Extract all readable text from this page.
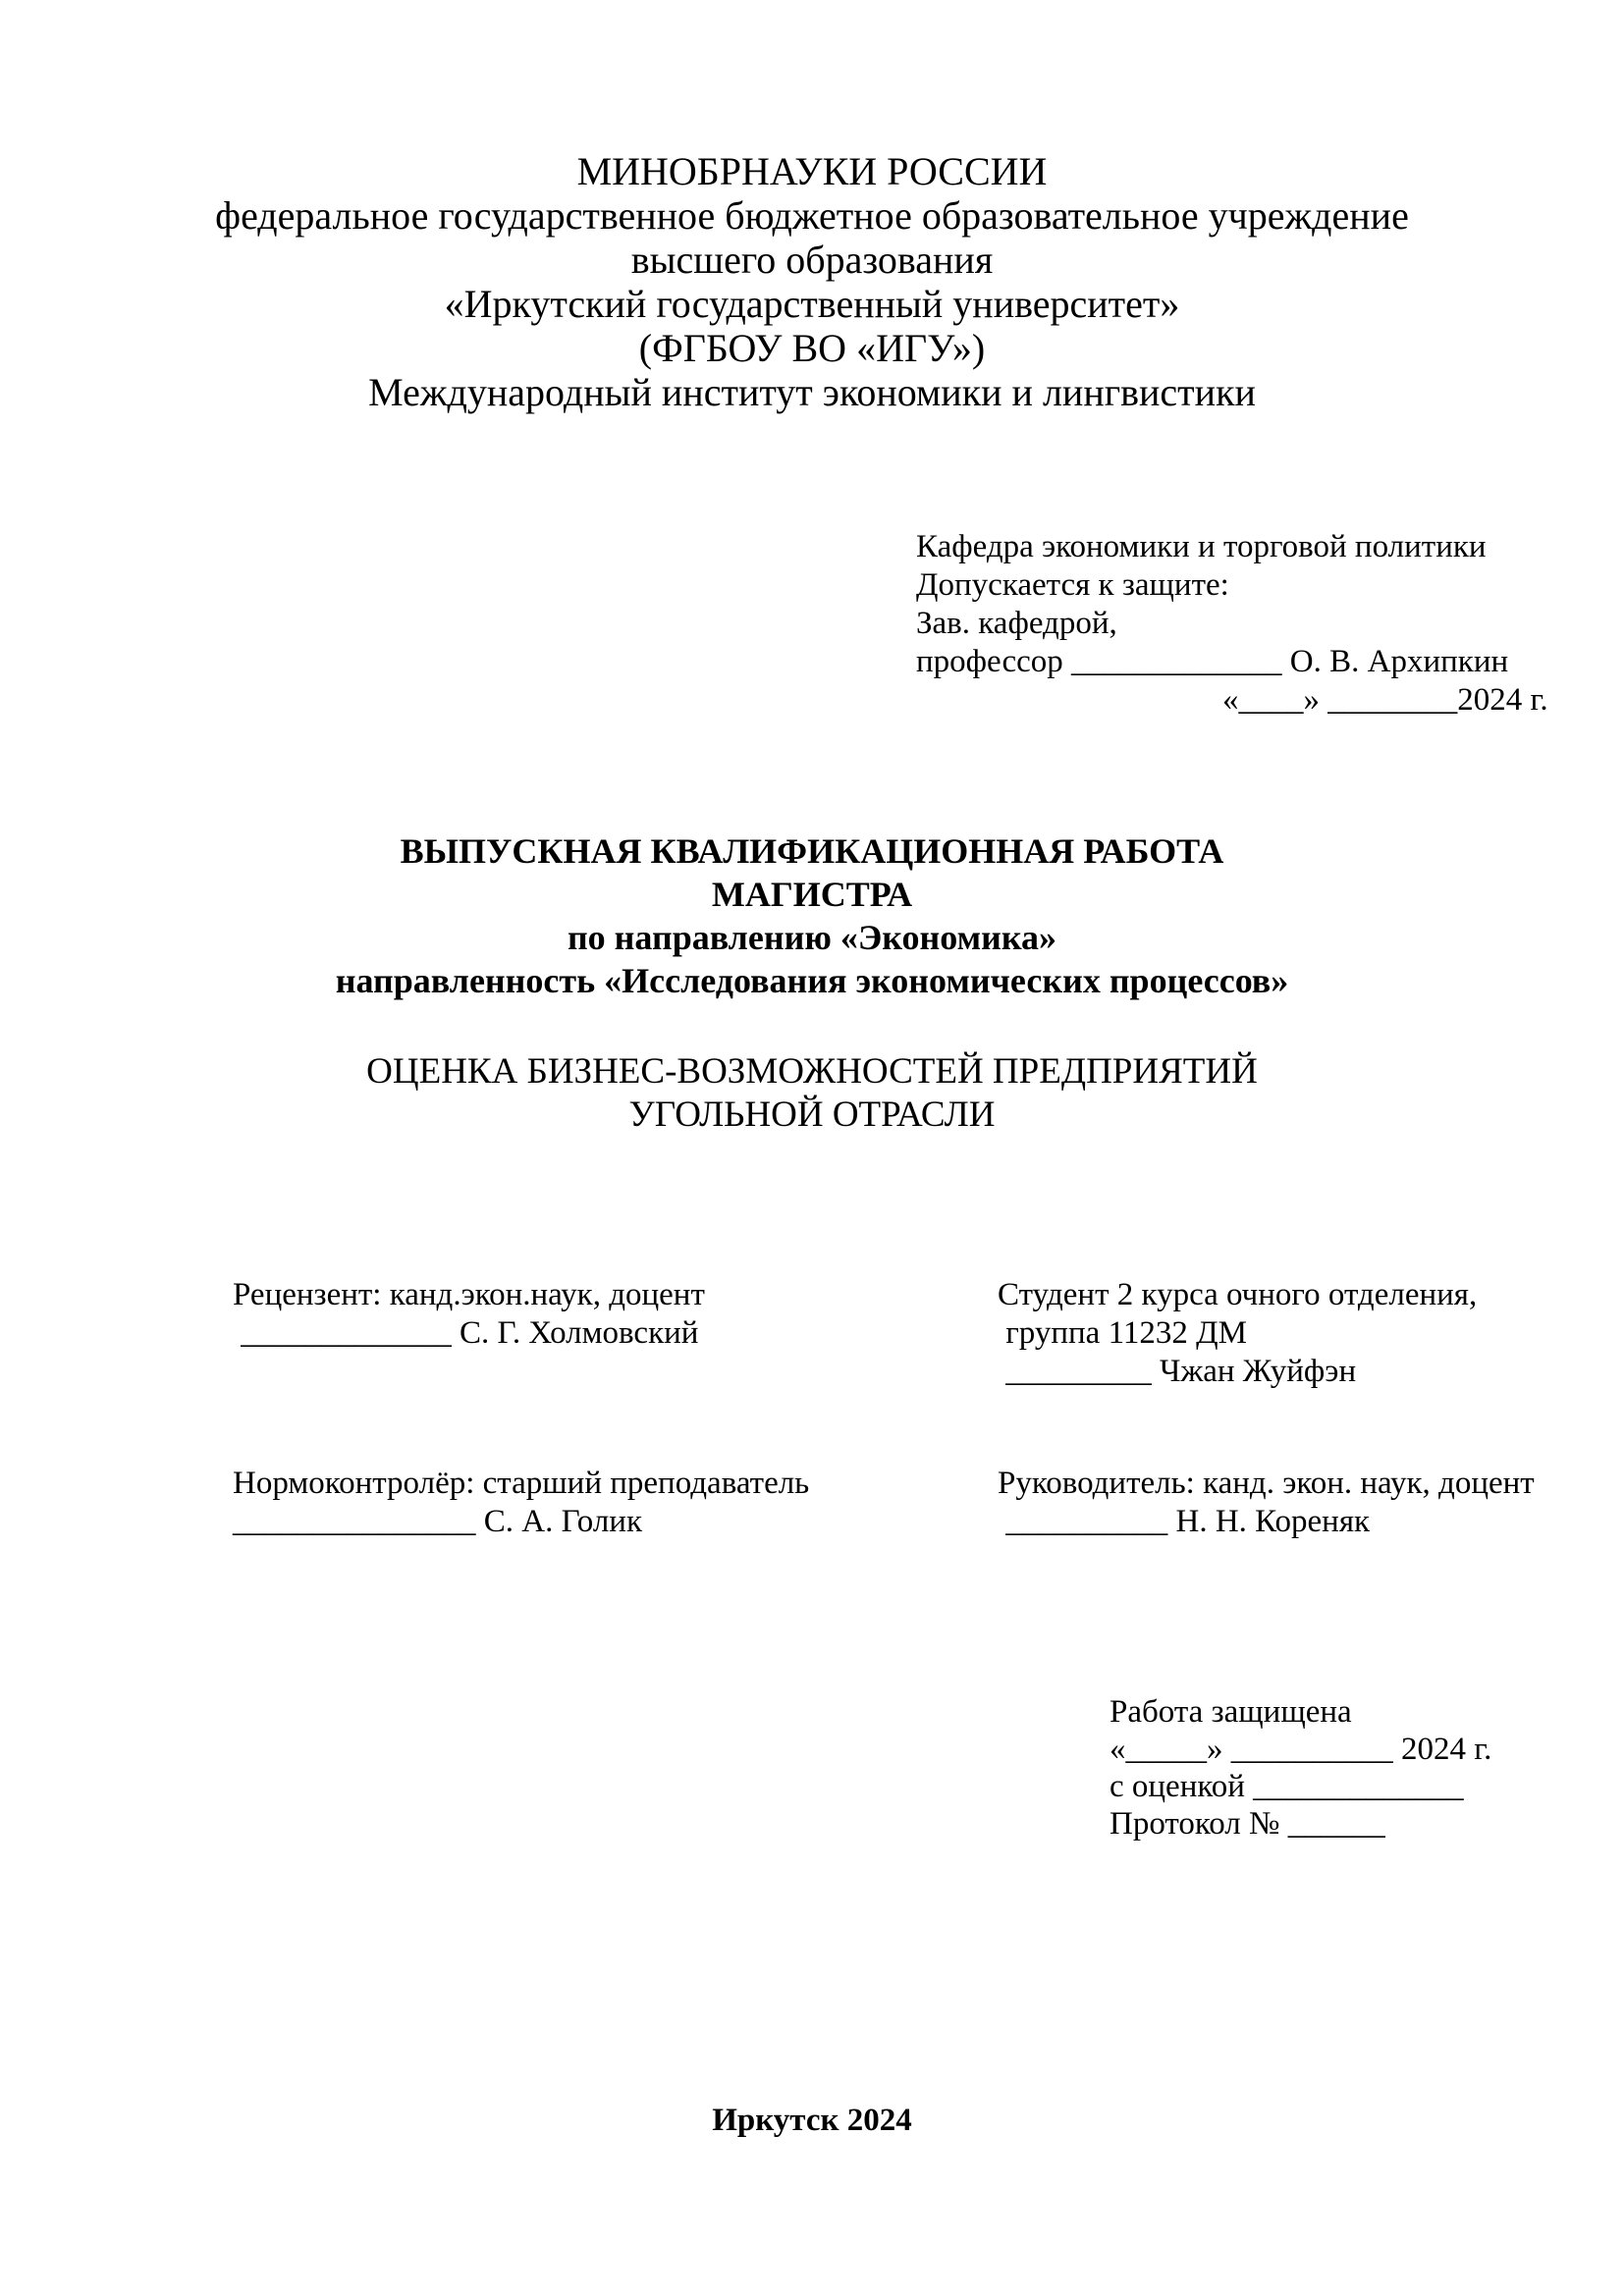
МИНОБРНАУКИ РОССИИ
федеральное государственное бюджетное образовательное учреждение
высшего образования
«Иркутский государственный университет»
(ФГБОУ ВО «ИГУ»)
Международный институт экономики и лингвистики
Кафедра экономики и торговой политики
Допускается к защите:
Зав. кафедрой,
профессор _____________ О. В. Архипкин
«____» ________2024 г.
ВЫПУСКНАЯ КВАЛИФИКАЦИОННАЯ РАБОТА
МАГИСТРА
по направлению «Экономика»
направленность «Исследования экономических процессов»
ОЦЕНКА БИЗНЕС-ВОЗМОЖНОСТЕЙ ПРЕДПРИЯТИЙ
УГОЛЬНОЙ ОТРАСЛИ
Рецензент: канд.экон.наук, доцент
_____________ С. Г. Холмовский
Студент 2 курса очного отделения,
группа 11232 ДМ
_________ Чжан Жуйфэн
Нормоконтролёр: старший преподаватель
_______________ С. А. Голик
Руководитель: канд. экон. наук, доцент
__________ Н. Н. Кореняк
Работа защищена
«_____» __________ 2024 г.
с оценкой _____________
Протокол № ______
Иркутск 2024
